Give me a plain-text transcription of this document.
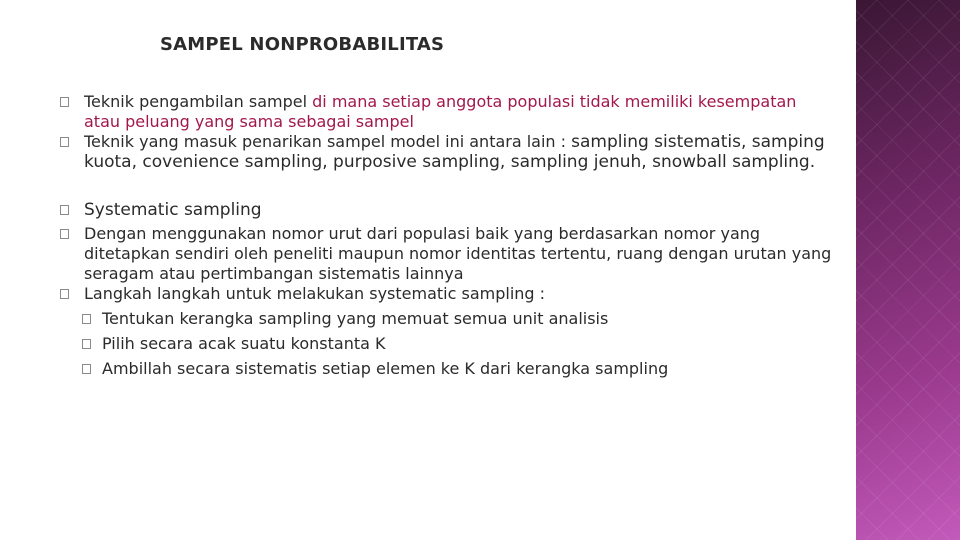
SAMPEL NONPROBABILITAS
Teknik pengambilan sampel di mana setiap anggota populasi tidak memiliki kesempatan atau peluang yang sama sebagai sampel
Teknik yang masuk penarikan sampel model ini antara lain : sampling sistematis, samping kuota, covenience sampling, purposive sampling, sampling jenuh, snowball sampling.
Systematic sampling
Dengan menggunakan nomor urut dari populasi baik yang berdasarkan nomor yang ditetapkan sendiri oleh peneliti maupun nomor identitas tertentu, ruang dengan urutan yang seragam atau pertimbangan sistematis lainnya
Langkah langkah untuk melakukan systematic sampling :
Tentukan kerangka sampling yang memuat semua unit analisis
Pilih secara acak suatu konstanta K
Ambillah secara sistematis setiap elemen ke K dari kerangka sampling
